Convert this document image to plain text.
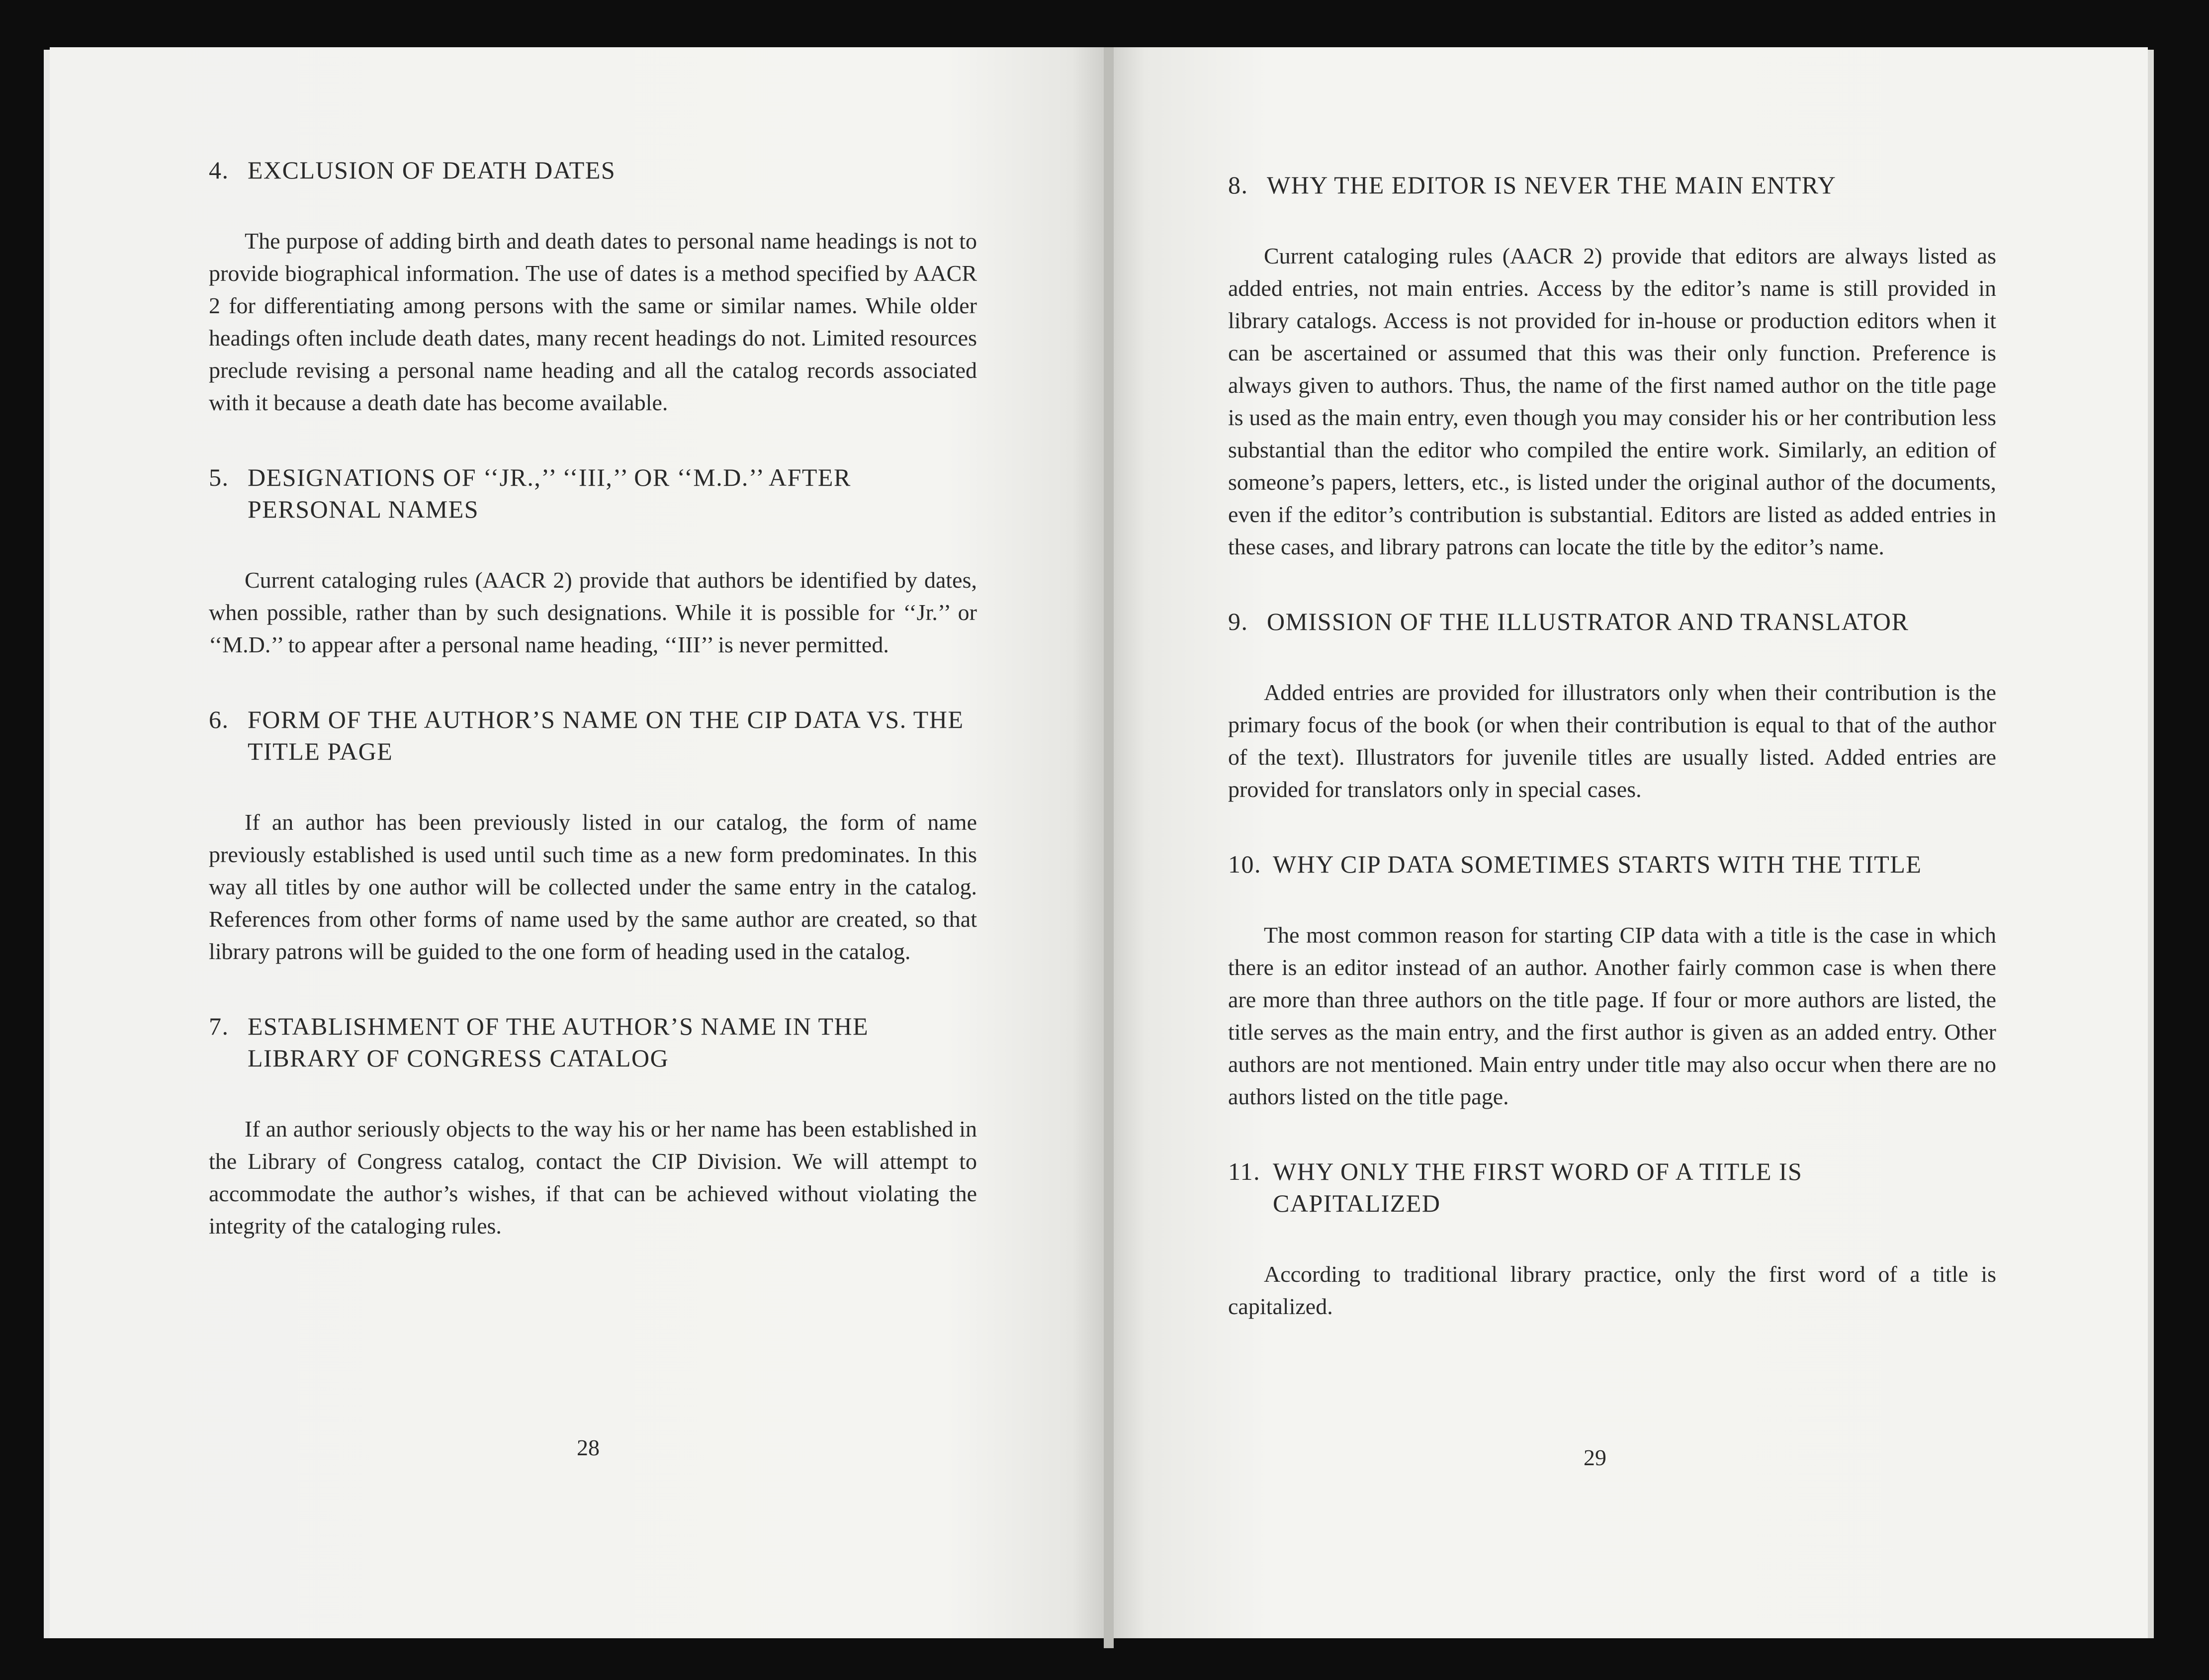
4. EXCLUSION OF DEATH DATES

The purpose of adding birth and death dates to personal name headings is not to provide biographical information. The use of dates is a method specified by AACR 2 for differentiating among persons with the same or similar names. While older headings often include death dates, many recent headings do not. Limited resources preclude revising a personal name heading and all the catalog records associated with it because a death date has become available.

5. DESIGNATIONS OF ‘‘JR.,’’ ‘‘III,’’ OR ‘‘M.D.’’ AFTER PERSONAL NAMES

Current cataloging rules (AACR 2) provide that authors be identified by dates, when possible, rather than by such designations. While it is possible for ‘‘Jr.’’ or ‘‘M.D.’’ to appear after a personal name heading, ‘‘III’’ is never permitted.

6. FORM OF THE AUTHOR’S NAME ON THE CIP DATA VS. THE TITLE PAGE

If an author has been previously listed in our catalog, the form of name previously established is used until such time as a new form predominates. In this way all titles by one author will be collected under the same entry in the catalog. References from other forms of name used by the same author are created, so that library patrons will be guided to the one form of heading used in the catalog.

7. ESTABLISHMENT OF THE AUTHOR’S NAME IN THE LIBRARY OF CONGRESS CATALOG

If an author seriously objects to the way his or her name has been established in the Library of Congress catalog, contact the CIP Division. We will attempt to accommodate the author’s wishes, if that can be achieved without violating the integrity of the cataloging rules.

28
8. WHY THE EDITOR IS NEVER THE MAIN ENTRY

Current cataloging rules (AACR 2) provide that editors are always listed as added entries, not main entries. Access by the editor’s name is still provided in library catalogs. Access is not provided for in-house or production editors when it can be ascertained or assumed that this was their only function. Preference is always given to authors. Thus, the name of the first named author on the title page is used as the main entry, even though you may consider his or her contribution less substantial than the editor who compiled the entire work. Similarly, an edition of someone’s papers, letters, etc., is listed under the original author of the documents, even if the editor’s contribution is substantial. Editors are listed as added entries in these cases, and library patrons can locate the title by the editor’s name.

9. OMISSION OF THE ILLUSTRATOR AND TRANSLATOR

Added entries are provided for illustrators only when their contribution is the primary focus of the book (or when their contribution is equal to that of the author of the text). Illustrators for juvenile titles are usually listed. Added entries are provided for translators only in special cases.

10. WHY CIP DATA SOMETIMES STARTS WITH THE TITLE

The most common reason for starting CIP data with a title is the case in which there is an editor instead of an author. Another fairly common case is when there are more than three authors on the title page. If four or more authors are listed, the title serves as the main entry, and the first author is given as an added entry. Other authors are not mentioned. Main entry under title may also occur when there are no authors listed on the title page.

11. WHY ONLY THE FIRST WORD OF A TITLE IS CAPITALIZED

According to traditional library practice, only the first word of a title is capitalized.

29
